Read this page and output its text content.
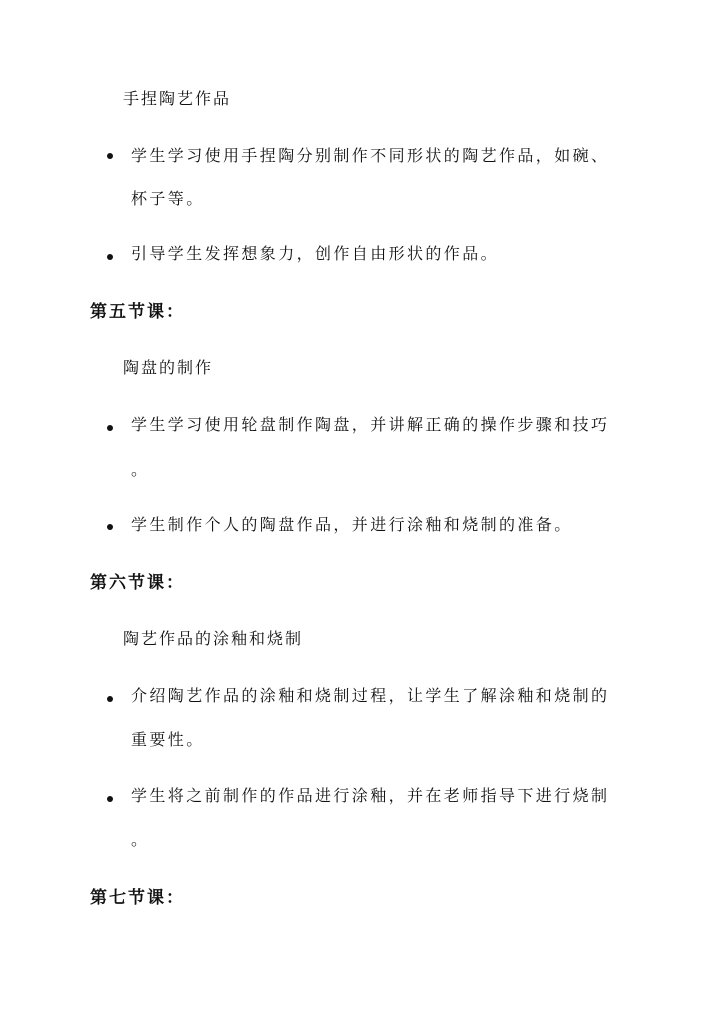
手捏陶艺作品
学生学习使用手捏陶分别制作不同形状的陶艺作品，如碗、
杯子等。
引导学生发挥想象力，创作自由形状的作品。
第五节课：
陶盘的制作
学生学习使用轮盘制作陶盘，并讲解正确的操作步骤和技巧
。
学生制作个人的陶盘作品，并进行涂釉和烧制的准备。
第六节课：
陶艺作品的涂釉和烧制
介绍陶艺作品的涂釉和烧制过程，让学生了解涂釉和烧制的
重要性。
学生将之前制作的作品进行涂釉，并在老师指导下进行烧制
。
第七节课：
